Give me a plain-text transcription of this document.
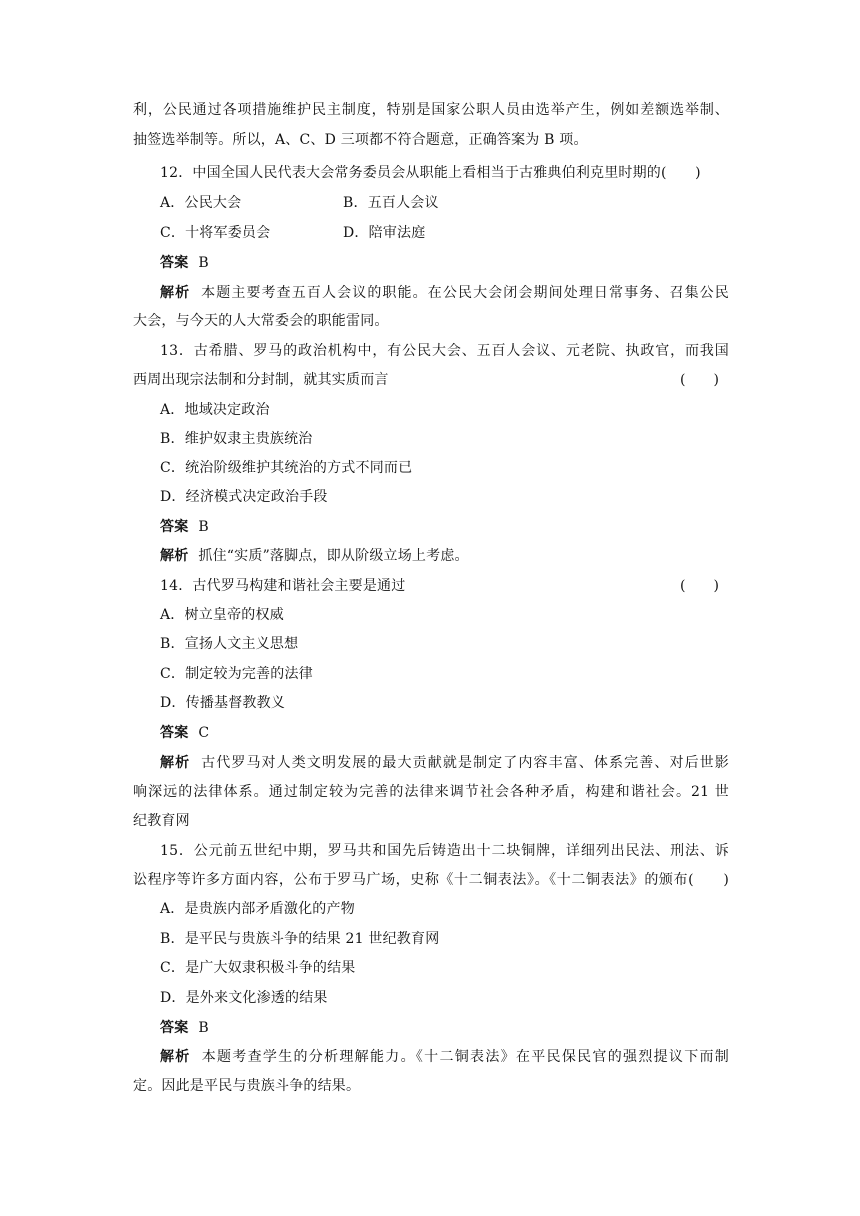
利，公民通过各项措施维护民主制度，特别是国家公职人员由选举产生，例如差额选举制、
抽签选举制等。所以，A、C、D 三项都不符合题意，正确答案为 B 项。
12．中国全国人民代表大会常务委员会从职能上看相当于古雅典伯利克里时期的(　　)
A．公民大会	B．五百人会议
C．十将军委员会	D．陪审法庭
答案 B
解析 本题主要考查五百人会议的职能。在公民大会闭会期间处理日常事务、召集公民
大会，与今天的人大常委会的职能雷同。
13．古希腊、罗马的政治机构中，有公民大会、五百人会议、元老院、执政官，而我国
西周出现宗法制和分封制，就其实质而言	(　　)
A．地域决定政治
B．维护奴隶主贵族统治
C．统治阶级维护其统治的方式不同而已
D．经济模式决定政治手段
答案 B
解析 抓住“实质”落脚点，即从阶级立场上考虑。
14．古代罗马构建和谐社会主要是通过	(　　)
A．树立皇帝的权威
B．宣扬人文主义思想
C．制定较为完善的法律
D．传播基督教教义
答案 C
解析 古代罗马对人类文明发展的最大贡献就是制定了内容丰富、体系完善、对后世影
响深远的法律体系。通过制定较为完善的法律来调节社会各种矛盾，构建和谐社会。21 世
纪教育网
15．公元前五世纪中期，罗马共和国先后铸造出十二块铜牌，详细列出民法、刑法、诉
讼程序等许多方面内容，公布于罗马广场，史称《十二铜表法》。《十二铜表法》的颁布(　　)
A．是贵族内部矛盾激化的产物
B．是平民与贵族斗争的结果 21 世纪教育网
C．是广大奴隶积极斗争的结果
D．是外来文化渗透的结果
答案 B
解析 本题考查学生的分析理解能力。《十二铜表法》在平民保民官的强烈提议下而制
定。因此是平民与贵族斗争的结果。
